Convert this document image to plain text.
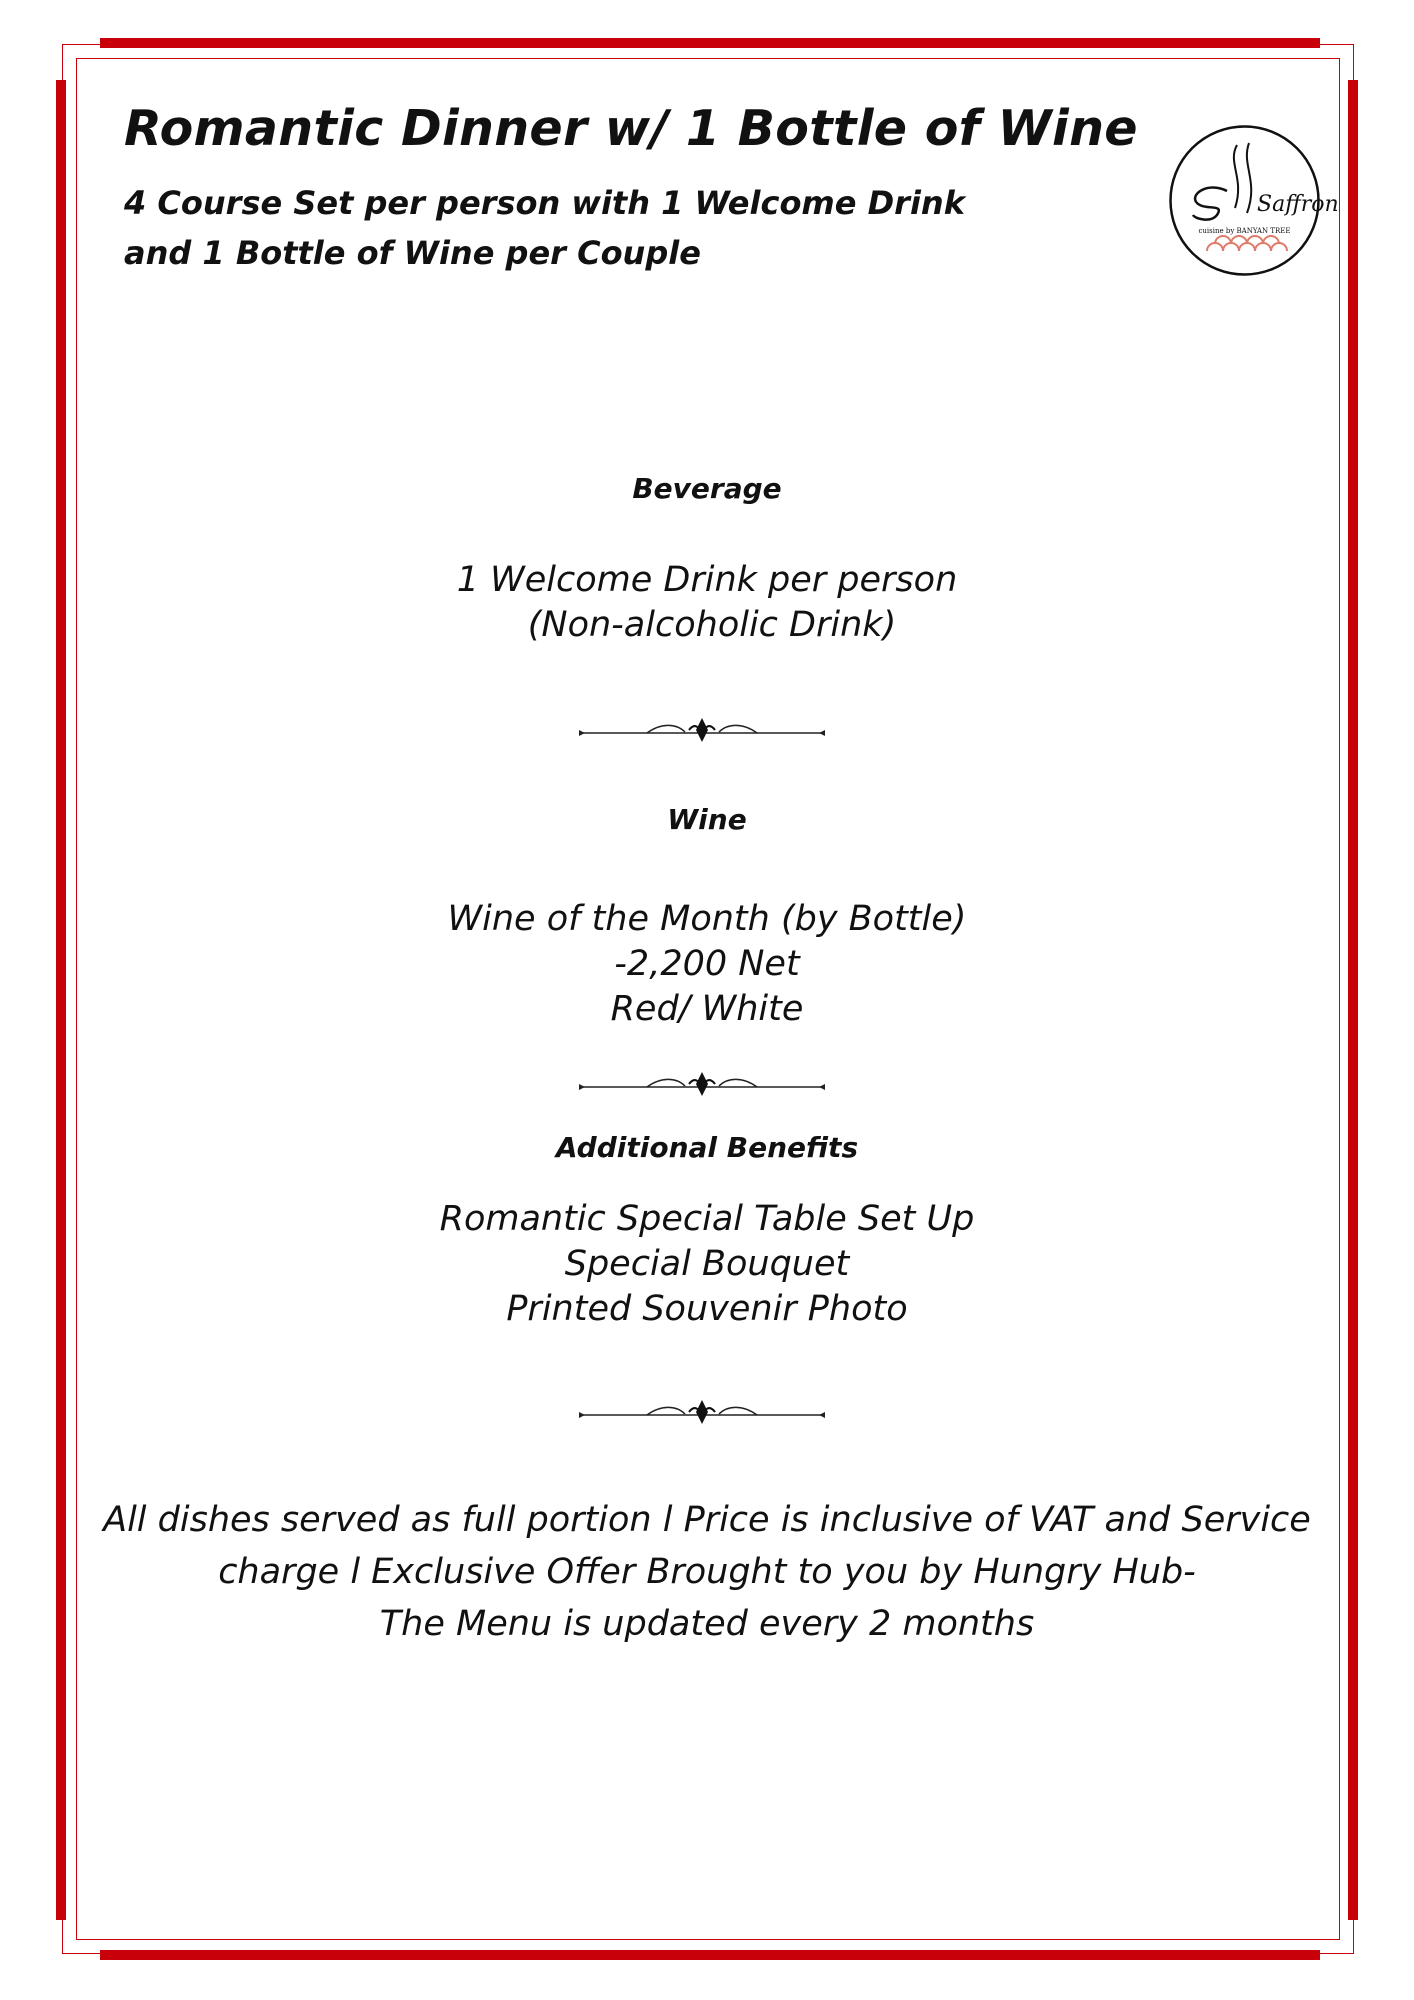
Romantic Dinner w/ 1 Bottle of Wine

4 Course Set per person with 1 Welcome Drink
and 1 Bottle of Wine per Couple

Saffron
cuisine by BANYAN TREE
Beverage
1 Welcome Drink per person
(Non-alcoholic Drink)
Wine
Wine of the Month (by Bottle)
-2,200 Net
Red/ White
Additional Benefits
Romantic Special Table Set Up
Special Bouquet
Printed Souvenir Photo
All dishes served as full portion l Price is inclusive of VAT and Service
charge l Exclusive Offer Brought to you by Hungry Hub-
The Menu is updated every 2 months
